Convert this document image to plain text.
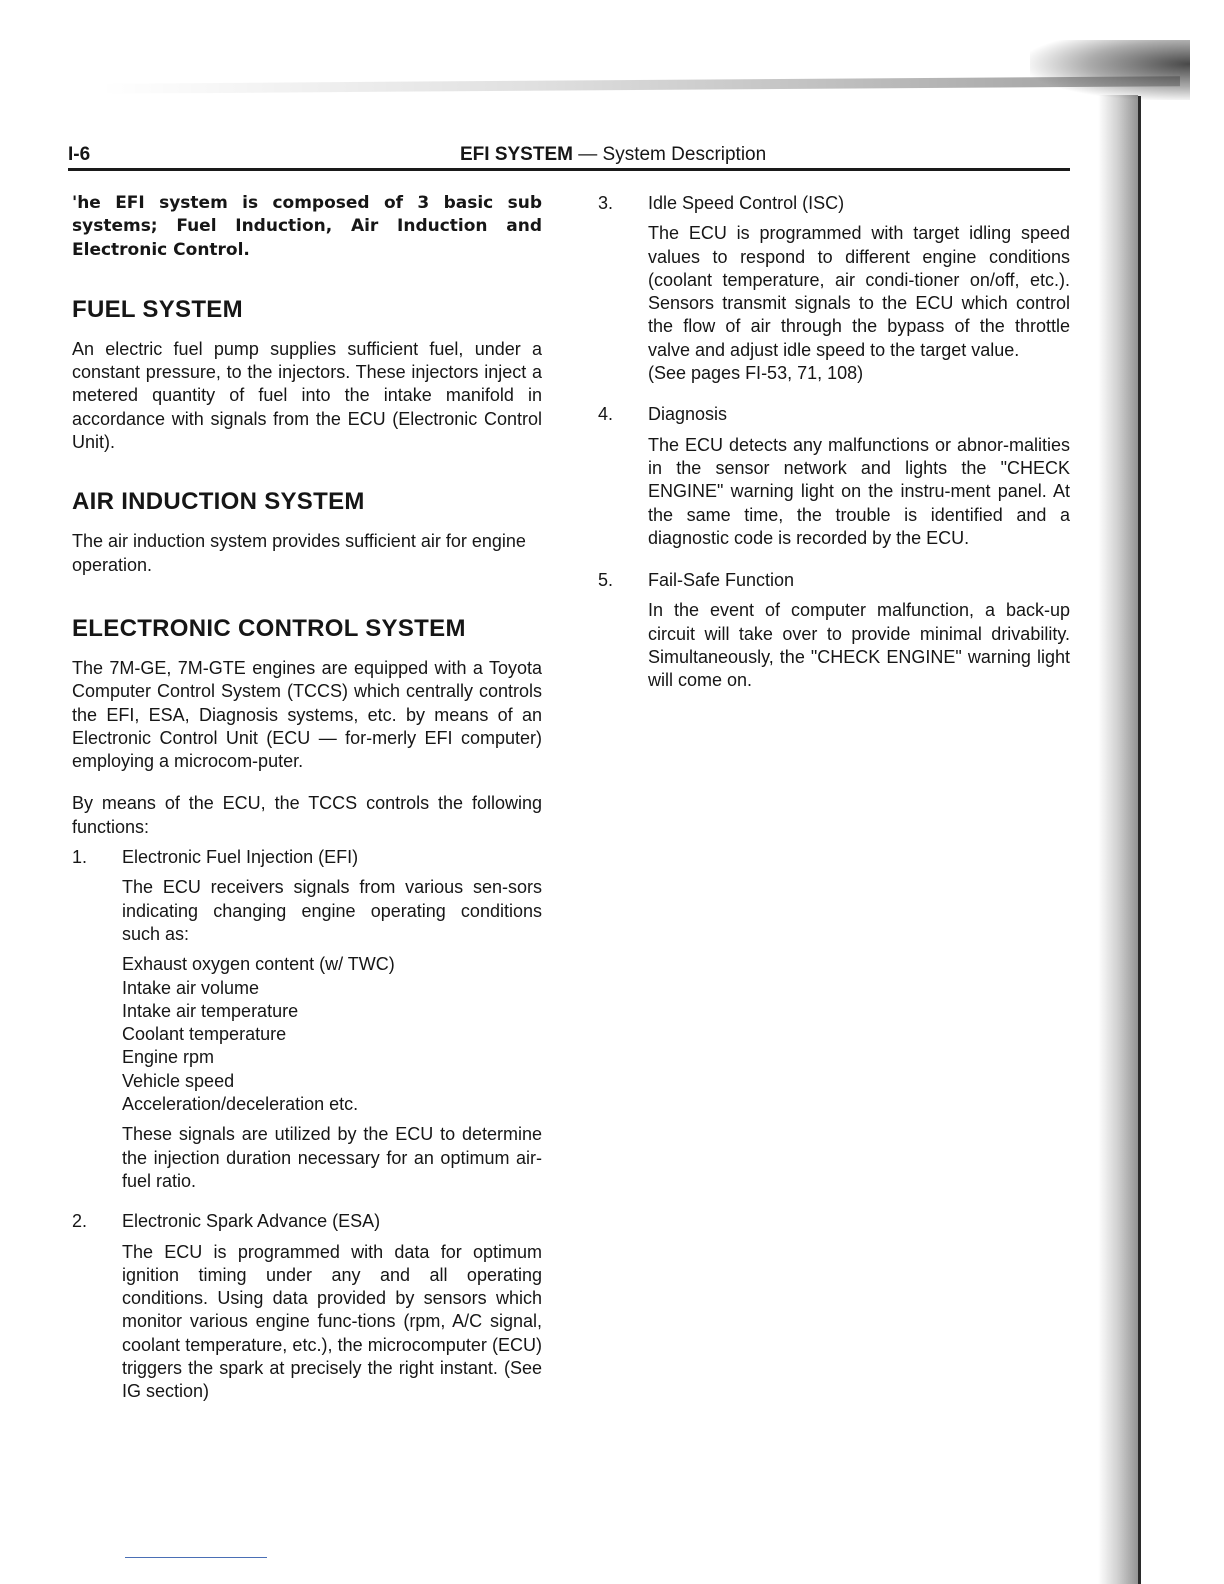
I-6	EFI SYSTEM — System Description

'he EFI system is composed of 3 basic sub systems; Fuel Induction, Air Induction and Electronic Control.

FUEL SYSTEM

An electric fuel pump supplies sufficient fuel, under a constant pressure, to the injectors. These injectors inject a metered quantity of fuel into the intake manifold in accordance with signals from the ECU (Electronic Control Unit).

AIR INDUCTION SYSTEM

The air induction system provides sufficient air for engine operation.

ELECTRONIC CONTROL SYSTEM

The 7M-GE, 7M-GTE engines are equipped with a Toyota Computer Control System (TCCS) which centrally controls the EFI, ESA, Diagnosis systems, etc. by means of an Electronic Control Unit (ECU — for-merly EFI computer) employing a microcom-puter.

By means of the ECU, the TCCS controls the following functions:

1. Electronic Fuel Injection (EFI)

The ECU receivers signals from various sen-sors indicating changing engine operating conditions such as:

Exhaust oxygen content (w/ TWC)

Intake air volume

Intake air temperature

Coolant temperature

Engine rpm

Vehicle speed

Acceleration/deceleration etc.

These signals are utilized by the ECU to determine the injection duration necessary for an optimum air-fuel ratio.

2. Electronic Spark Advance (ESA)

The ECU is programmed with data for optimum ignition timing under any and all operating conditions. Using data provided by sensors which monitor various engine func-tions (rpm, A/C signal, coolant temperature, etc.), the microcomputer (ECU) triggers the spark at precisely the right instant. (See IG section)

3. Idle Speed Control (ISC)

The ECU is programmed with target idling speed values to respond to different engine conditions (coolant temperature, air condi-tioner on/off, etc.). Sensors transmit signals to the ECU which control the flow of air through the bypass of the throttle valve and adjust idle speed to the target value.

(See pages FI-53, 71, 108)

4. Diagnosis

The ECU detects any malfunctions or abnor-malities in the sensor network and lights the "CHECK ENGINE" warning light on the instru-ment panel. At the same time, the trouble is identified and a diagnostic code is recorded by the ECU.

5. Fail-Safe Function

In the event of computer malfunction, a back-up circuit will take over to provide minimal drivability. Simultaneously, the "CHECK ENGINE" warning light will come on.
